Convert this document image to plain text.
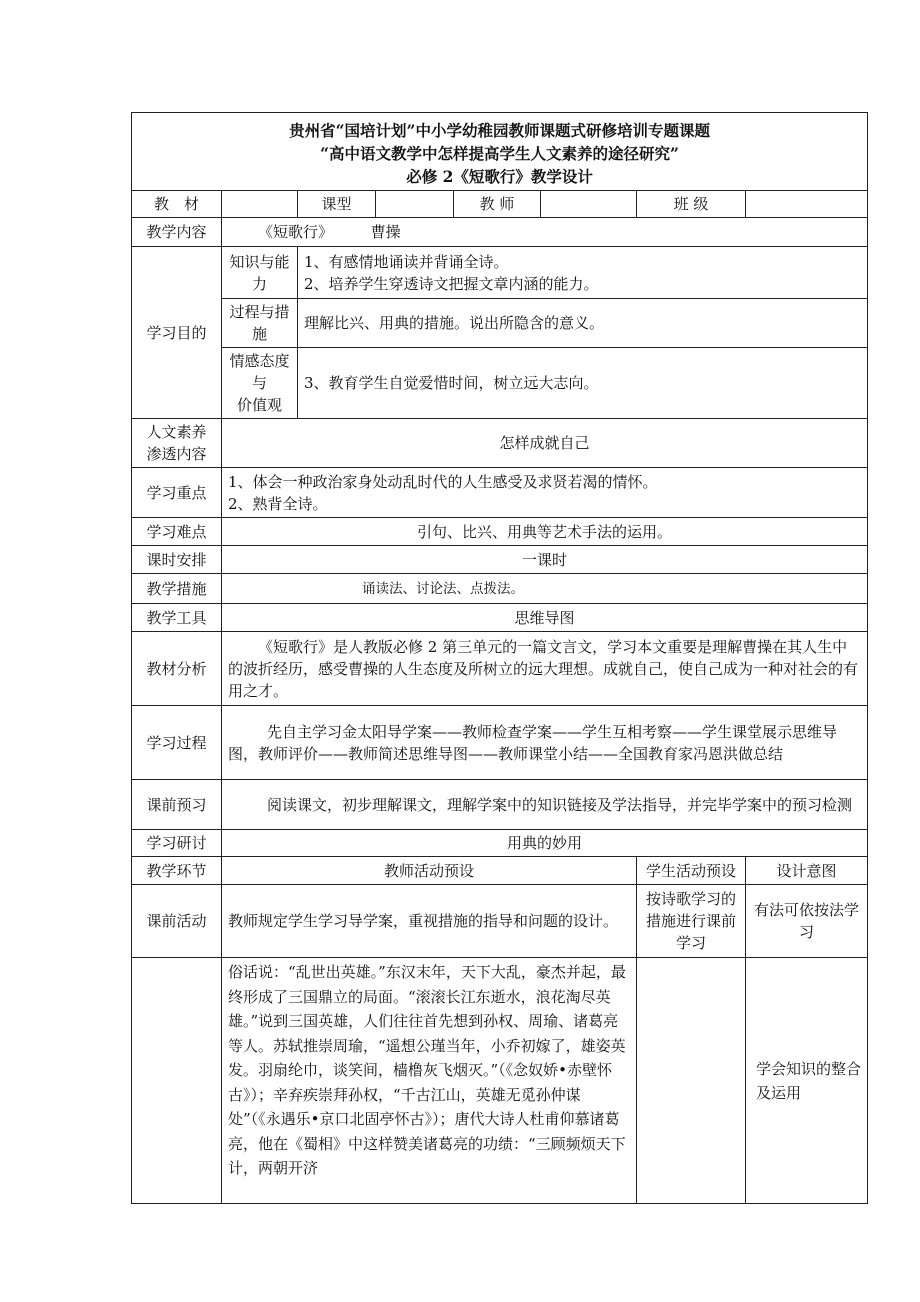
贵州省“国培计划”中小学幼稚园教师课题式研修培训专题课题
“高中语文教学中怎样提高学生人文素养的途径研究”
必修 2《短歌行》教学设计							

教　材		课型		教 师		班 级	
教学内容	《短歌行》 曹操						
学习目的	知识与能力	1、有感情地诵读并背诵全诗。
2、培养学生穿透诗文把握文章内涵的能力。					

	过程与措施	理解比兴、用典的措施。说出所隐含的意义。					

	情感态度与
价值观	3、教育学生自觉爱惜时间，树立远大志向。					

人文素养
渗透内容	怎样成就自己						
学习重点	1、体会一种政治家身处动乱时代的人生感受及求贤若渴的情怀。
2、熟背全诗。						

学习难点	引句、比兴、用典等艺术手法的运用。						
课时安排	一课时						
教学措施	诵读法、讨论法、点拨法。						
教学工具	思维导图						
教材分析	《短歌行》是人教版必修 2 第三单元的一篇文言文，学习本文重要是理解曹操在其人生中的波折经历，感受曹操的人生态度及所树立的远大理想。成就自己，使自己成为一种对社会的有用之才。						
学习过程	先自主学习金太阳导学案——教师检查学案——学生互相考察——学生课堂展示思维导图，教师评价——教师简述思维导图——教师课堂小结——全国教育家冯恩洪做总结						
课前预习	阅读课文，初步理解课文，理解学案中的知识链接及学法指导，并完毕学案中的预习检测						
学习研讨	用典的妙用						
教学环节	教师活动预设					学生活动预设	设计意图
课前活动	教师规定学生学习导学案，重视措施的指导和问题的设计。					按诗歌学习的措施进行课前学习	有法可依按法学习
	俗话说：“乱世出英雄。”东汉末年，天下大乱，豪杰并起，最终形成了三国鼎立的局面。“滚滚长江东逝水，浪花淘尽英雄。”说到三国英雄，人们往往首先想到孙权、周瑜、诸葛亮等人。苏轼推崇周瑜，“遥想公瑾当年，小乔初嫁了，雄姿英发。羽扇纶巾，谈笑间，樯橹灰飞烟灭。”（《念奴娇•赤壁怀古》）；辛弃疾崇拜孙权，“千古江山，英雄无觅孙仲谋处”（《永遇乐•京口北固亭怀古》）；唐代大诗人杜甫仰慕诸葛亮，他在《蜀相》中这样赞美诸葛亮的功绩：“三顾频烦天下计，两朝开济						学会知识的整合及运用
